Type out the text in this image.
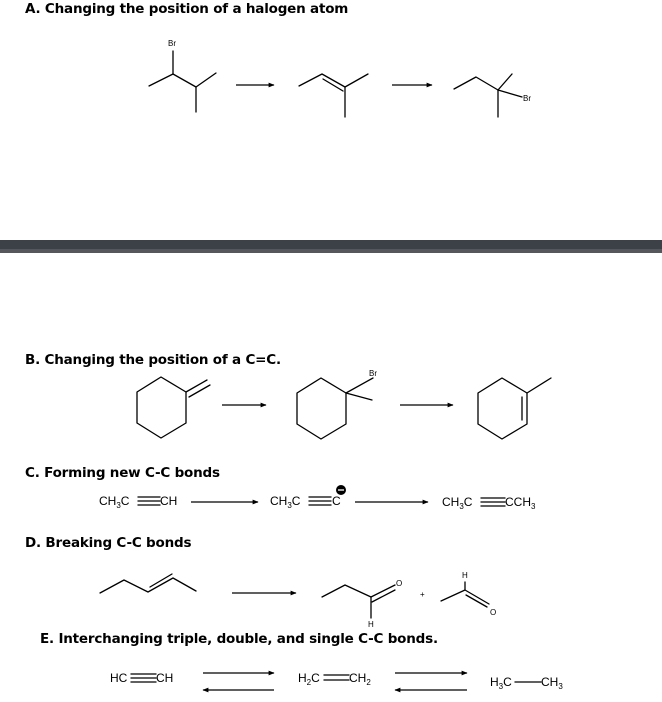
A. Changing the position of a halogen atom
B. Changing the position of a C=C.
C. Forming new C-C bonds
D. Breaking C-C bonds
E. Interchanging triple, double, and single C-C bonds.
Br
Br
Br
$CH_3C$	CH	$CH_3C$	C	$CH_3C$	$CCH_3$
O
H
+
O
H
HC CH	$H_2C$ $CH_2$	$H_3C$ $CH_3$
